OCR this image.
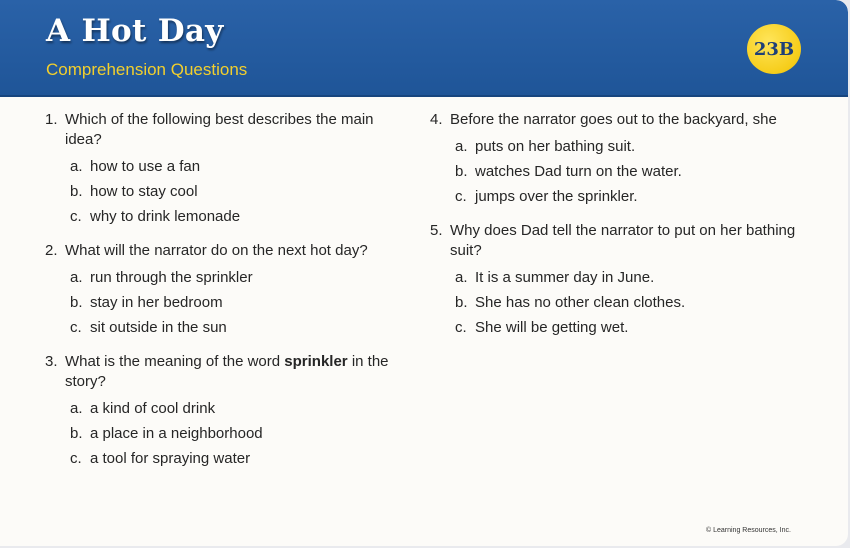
A Hot Day
Comprehension Questions
23B
1. Which of the following best describes the main idea?
a. how to use a fan
b. how to stay cool
c. why to drink lemonade
2. What will the narrator do on the next hot day?
a. run through the sprinkler
b. stay in her bedroom
c. sit outside in the sun
3. What is the meaning of the word sprinkler in the story?
a. a kind of cool drink
b. a place in a neighborhood
c. a tool for spraying water
4. Before the narrator goes out to the backyard, she
a. puts on her bathing suit.
b. watches Dad turn on the water.
c. jumps over the sprinkler.
5. Why does Dad tell the narrator to put on her bathing suit?
a. It is a summer day in June.
b. She has no other clean clothes.
c. She will be getting wet.
© Learning Resources, Inc.
